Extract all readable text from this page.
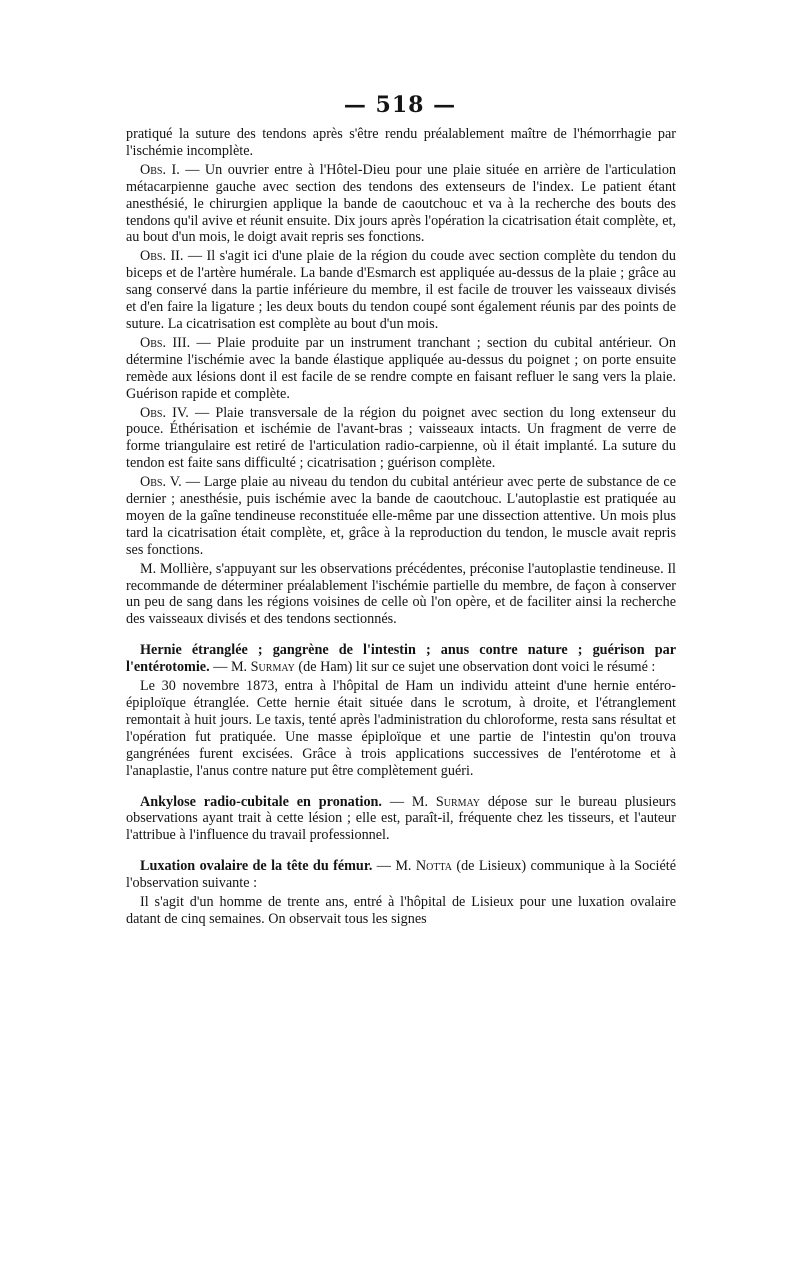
— 518 —

pratiqué la suture des tendons après s'être rendu préalablement maître de l'hémorrhagie par l'ischémie incomplète.

Obs. I. — Un ouvrier entre à l'Hôtel-Dieu pour une plaie située en arrière de l'articulation métacarpienne gauche avec section des tendons des extenseurs de l'index. Le patient étant anesthésié, le chirurgien applique la bande de caoutchouc et va à la recherche des bouts des tendons qu'il avive et réunit ensuite. Dix jours après l'opération la cicatrisation était complète, et, au bout d'un mois, le doigt avait repris ses fonctions.

Obs. II. — Il s'agit ici d'une plaie de la région du coude avec section complète du tendon du biceps et de l'artère humérale. La bande d'Esmarch est appliquée au-dessus de la plaie ; grâce au sang conservé dans la partie inférieure du membre, il est facile de trouver les vaisseaux divisés et d'en faire la ligature ; les deux bouts du tendon coupé sont également réunis par des points de suture. La cicatrisation est complète au bout d'un mois.

Obs. III. — Plaie produite par un instrument tranchant ; section du cubital antérieur. On détermine l'ischémie avec la bande élastique appliquée au-dessus du poignet ; on porte ensuite remède aux lésions dont il est facile de se rendre compte en faisant refluer le sang vers la plaie. Guérison rapide et complète.

Obs. IV. — Plaie transversale de la région du poignet avec section du long extenseur du pouce. Éthérisation et ischémie de l'avant-bras ; vaisseaux intacts. Un fragment de verre de forme triangulaire est retiré de l'articulation radio-carpienne, où il était implanté. La suture du tendon est faite sans difficulté ; cicatrisation ; guérison complète.

Obs. V. — Large plaie au niveau du tendon du cubital antérieur avec perte de substance de ce dernier ; anesthésie, puis ischémie avec la bande de caoutchouc. L'autoplastie est pratiquée au moyen de la gaîne tendineuse reconstituée elle-même par une dissection attentive. Un mois plus tard la cicatrisation était complète, et, grâce à la reproduction du tendon, le muscle avait repris ses fonctions.

M. Mollière, s'appuyant sur les observations précédentes, préconise l'autoplastie tendineuse. Il recommande de déterminer préalablement l'ischémie partielle du membre, de façon à conserver un peu de sang dans les régions voisines de celle où l'on opère, et de faciliter ainsi la recherche des vaisseaux divisés et des tendons sectionnés.

Hernie étranglée ; gangrène de l'intestin ; anus contre nature ; guérison par l'entérotomie. — M. Surmay (de Ham) lit sur ce sujet une observation dont voici le résumé :

Le 30 novembre 1873, entra à l'hôpital de Ham un individu atteint d'une hernie entéro-épiploïque étranglée. Cette hernie était située dans le scrotum, à droite, et l'étranglement remontait à huit jours. Le taxis, tenté après l'administration du chloroforme, resta sans résultat et l'opération fut pratiquée. Une masse épiploïque et une partie de l'intestin qu'on trouva gangrénées furent excisées. Grâce à trois applications successives de l'entérotome et à l'anaplastie, l'anus contre nature put être complètement guéri.

Ankylose radio-cubitale en pronation. — M. Surmay dépose sur le bureau plusieurs observations ayant trait à cette lésion ; elle est, paraît-il, fréquente chez les tisseurs, et l'auteur l'attribue à l'influence du travail professionnel.

Luxation ovalaire de la tête du fémur. — M. Notta (de Lisieux) communique à la Société l'observation suivante :

Il s'agit d'un homme de trente ans, entré à l'hôpital de Lisieux pour une luxation ovalaire datant de cinq semaines. On observait tous les signes
